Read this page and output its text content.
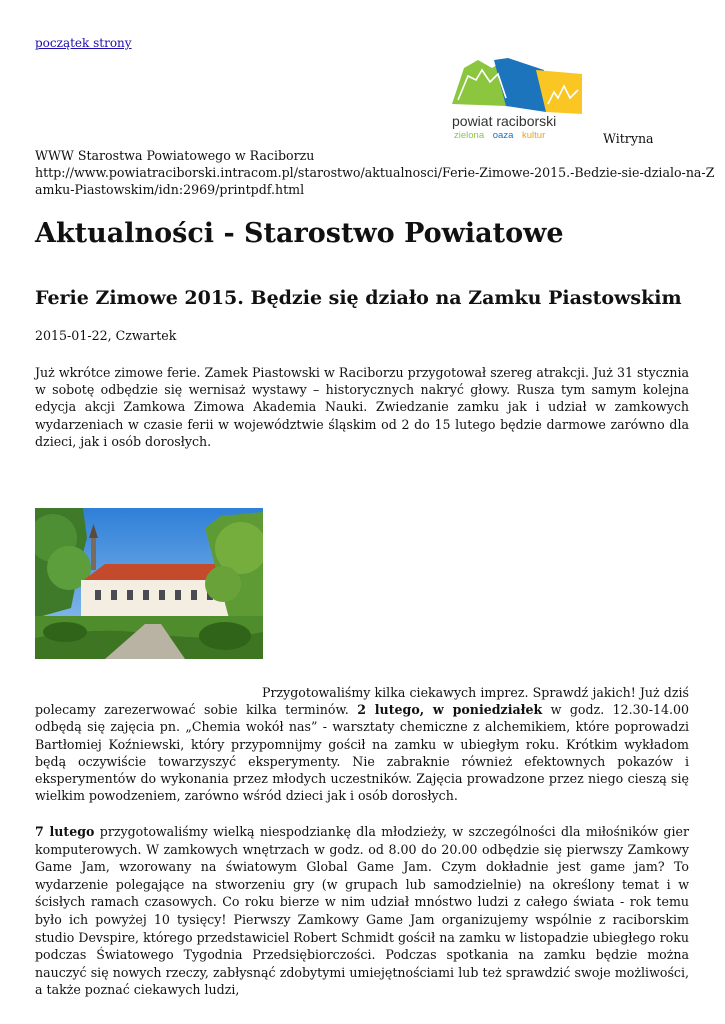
początek strony
powiat raciborski
zielona oaza kultur	Witryna
WWW Starostwa Powiatowego w Raciborzu
http://www.powiatraciborski.intracom.pl/starostwo/aktualnosci/Ferie-Zimowe-2015.-Bedzie-sie-dzialo-na-Z
amku-Piastowskim/idn:2969/printpdf.html
Aktualności - Starostwo Powiatowe
Ferie Zimowe 2015. Będzie się działo na Zamku Piastowskim
2015-01-22, Czwartek

Już wkrótce zimowe ferie. Zamek Piastowski w Raciborzu przygotował szereg atrakcji. Już 31 stycznia w sobotę odbędzie się wernisaż wystawy – historycznych nakryć głowy. Rusza tym samym kolejna edycja akcji Zamkowa Zimowa Akademia Nauki. Zwiedzanie zamku jak i udział w zamkowych wydarzeniach w czasie ferii w województwie śląskim od 2 do 15 lutego będzie darmowe zarówno dla dzieci, jak i osób dorosłych.

Przygotowaliśmy kilka ciekawych imprez. Sprawdź jakich! Już dziś
polecamy zarezerwować sobie kilka terminów. 2 lutego, w poniedziałek w godz. 12.30-14.00 odbędą się zajęcia pn. „Chemia wokół nas” - warsztaty chemiczne z alchemikiem, które poprowadzi Bartłomiej Koźniewski, który przypomnijmy gościł na zamku w ubiegłym roku. Krótkim wykładom będą oczywiście towarzyszyć eksperymenty. Nie zabraknie również efektownych pokazów i eksperymentów do wykonania przez młodych uczestników. Zajęcia prowadzone przez niego cieszą się wielkim powodzeniem, zarówno wśród dzieci jak i osób dorosłych.

7 lutego przygotowaliśmy wielką niespodziankę dla młodzieży, w szczególności dla miłośników gier komputerowych. W zamkowych wnętrzach w godz. od 8.00 do 20.00 odbędzie się pierwszy Zamkowy Game Jam, wzorowany na światowym Global Game Jam. Czym dokładnie jest game jam? To wydarzenie polegające na stworzeniu gry (w grupach lub samodzielnie) na określony temat i w ścisłych ramach czasowych. Co roku bierze w nim udział mnóstwo ludzi z całego świata - rok temu było ich powyżej 10 tysięcy! Pierwszy Zamkowy Game Jam organizujemy wspólnie z raciborskim studio Devspire, którego przedstawiciel Robert Schmidt gościł na zamku w listopadzie ubiegłego roku podczas Światowego Tygodnia Przedsiębiorczości. Podczas spotkania na zamku będzie można nauczyć się nowych rzeczy, zabłysnąć zdobytymi umiejętnościami lub też sprawdzić swoje możliwości, a także poznać ciekawych ludzi,
